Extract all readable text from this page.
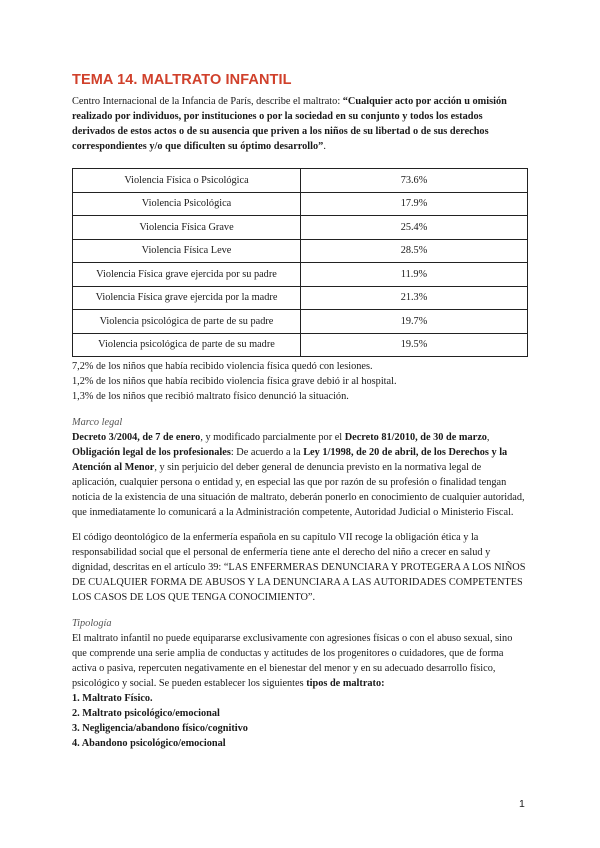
TEMA 14. MALTRATO INFANTIL

Centro Internacional de la Infancia de París, describe el maltrato: “Cualquier acto por acción u omisión realizado por individuos, por instituciones o por la sociedad en su conjunto y todos los estados derivados de estos actos o de su ausencia que priven a los niños de su libertad o de sus derechos correspondientes y/o que dificulten su óptimo desarrollo”.

Violencia Física o Psicológica	73.6%
Violencia Psicológica	17.9%
Violencia Física Grave	25.4%
Violencia Física Leve	28.5%
Violencia Física grave ejercida por su padre	11.9%
Violencia Física grave ejercida por la madre	21.3%
Violencia psicológica de parte de su padre	19.7%
Violencia psicológica de parte de su madre	19.5%

7,2% de los niños que había recibido violencia física quedó con lesiones.

1,2% de los niños que había recibido violencia física grave debió ir al hospital.

1,3% de los niños que recibió maltrato físico denunció la situación.

Marco legal

Decreto 3/2004, de 7 de enero, y modificado parcialmente por el Decreto 81/2010, de 30 de marzo, Obligación legal de los profesionales: De acuerdo a la Ley 1/1998, de 20 de abril, de los Derechos y la Atención al Menor, y sin perjuicio del deber general de denuncia previsto en la normativa legal de aplicación, cualquier persona o entidad y, en especial las que por razón de su profesión o finalidad tengan noticia de la existencia de una situación de maltrato, deberán ponerlo en conocimiento de cualquier autoridad, que inmediatamente lo comunicará a la Administración competente, Autoridad Judicial o Ministerio Fiscal.

El código deontológico de la enfermería española en su capítulo VII recoge la obligación ética y la responsabilidad social que el personal de enfermería tiene ante el derecho del niño a crecer en salud y dignidad, descritas en el artículo 39: “LAS ENFERMERAS DENUNCIARA Y PROTEGERA A LOS NIÑOS DE CUALQUIER FORMA DE ABUSOS Y LA DENUNCIARA A LAS AUTORIDADES COMPETENTES LOS CASOS DE LOS QUE TENGA CONOCIMIENTO”.

Tipología

El maltrato infantil no puede equipararse exclusivamente con agresiones físicas o con el abuso sexual, sino que comprende una serie amplia de conductas y actitudes de los progenitores o cuidadores, que de forma activa o pasiva, repercuten negativamente en el bienestar del menor y en su adecuado desarrollo físico, psicológico y social. Se pueden establecer los siguientes tipos de maltrato:

1. Maltrato Físico.
2. Maltrato psicológico/emocional
3. Negligencia/abandono físico/cognitivo
4. Abandono psicológico/emocional
1
